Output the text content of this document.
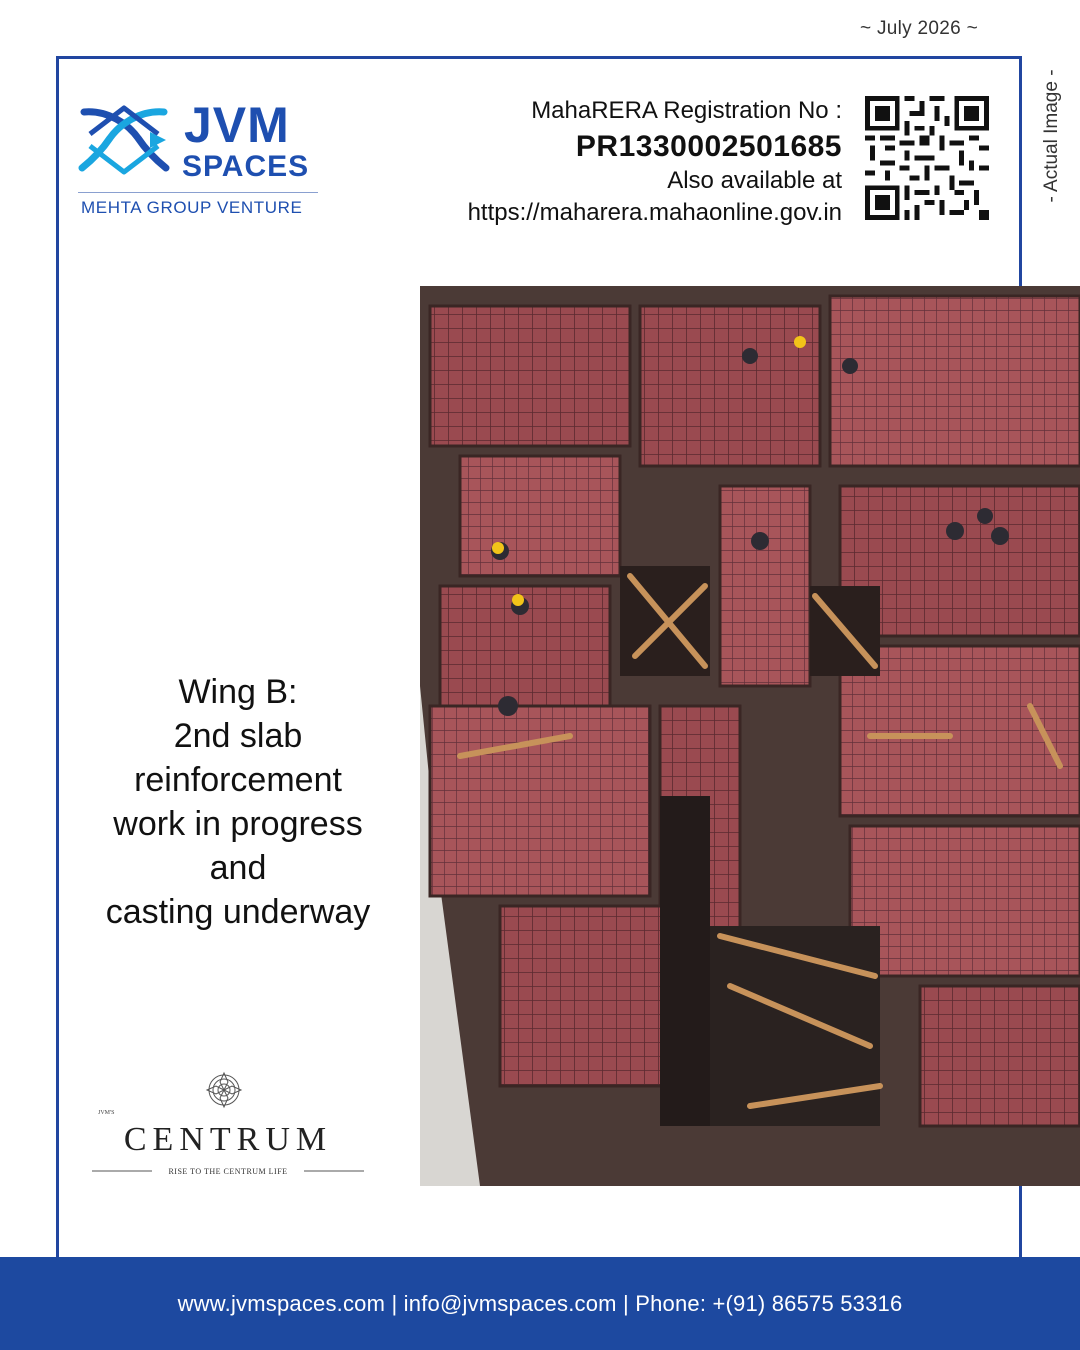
~ July 2026 ~
- Actual Image -
JVM
SPACES
MEHTA GROUP VENTURE
MahaRERA Registration No :
PR1330002501685
Also available at
https://maharera.mahaonline.gov.in
Wing B:
2nd slab
reinforcement
work in progress
and
casting underway
JVM'S
CENTRUM
RISE TO THE CENTRUM LIFE
www.jvmspaces.com | info@jvmspaces.com | Phone: +(91) 86575 53316
